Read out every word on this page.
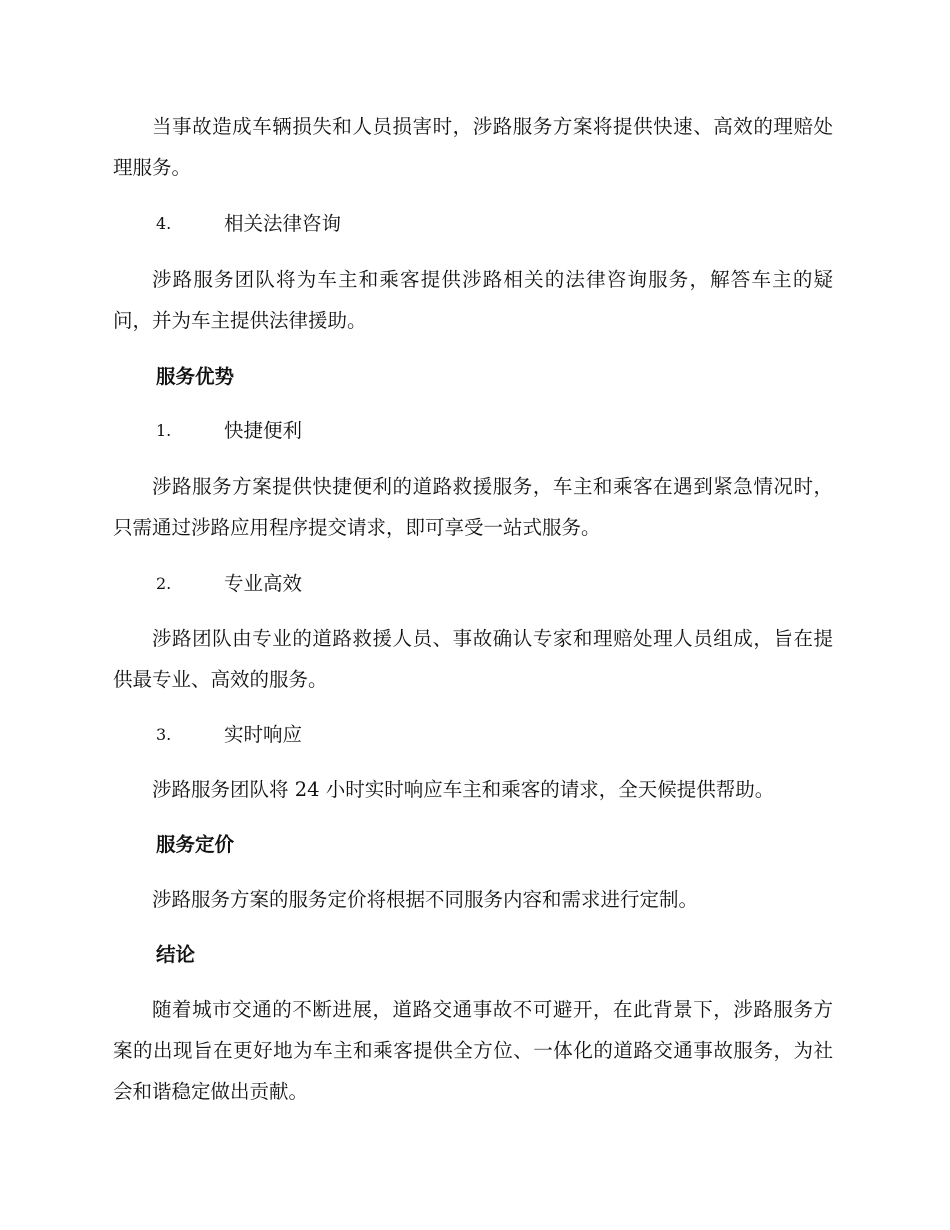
当事故造成车辆损失和人员损害时，涉路服务方案将提供快速、高效的理赔处理服务。

4.	相关法律咨询

涉路服务团队将为车主和乘客提供涉路相关的法律咨询服务，解答车主的疑问，并为车主提供法律援助。

服务优势
1.	快捷便利

涉路服务方案提供快捷便利的道路救援服务，车主和乘客在遇到紧急情况时，只需通过涉路应用程序提交请求，即可享受一站式服务。

2.	专业高效

涉路团队由专业的道路救援人员、事故确认专家和理赔处理人员组成，旨在提供最专业、高效的服务。

3.	实时响应

涉路服务团队将 24 小时实时响应车主和乘客的请求，全天候提供帮助。

服务定价

涉路服务方案的服务定价将根据不同服务内容和需求进行定制。

结论

随着城市交通的不断进展，道路交通事故不可避开，在此背景下，涉路服务方案的出现旨在更好地为车主和乘客提供全方位、一体化的道路交通事故服务，为社会和谐稳定做出贡献。
